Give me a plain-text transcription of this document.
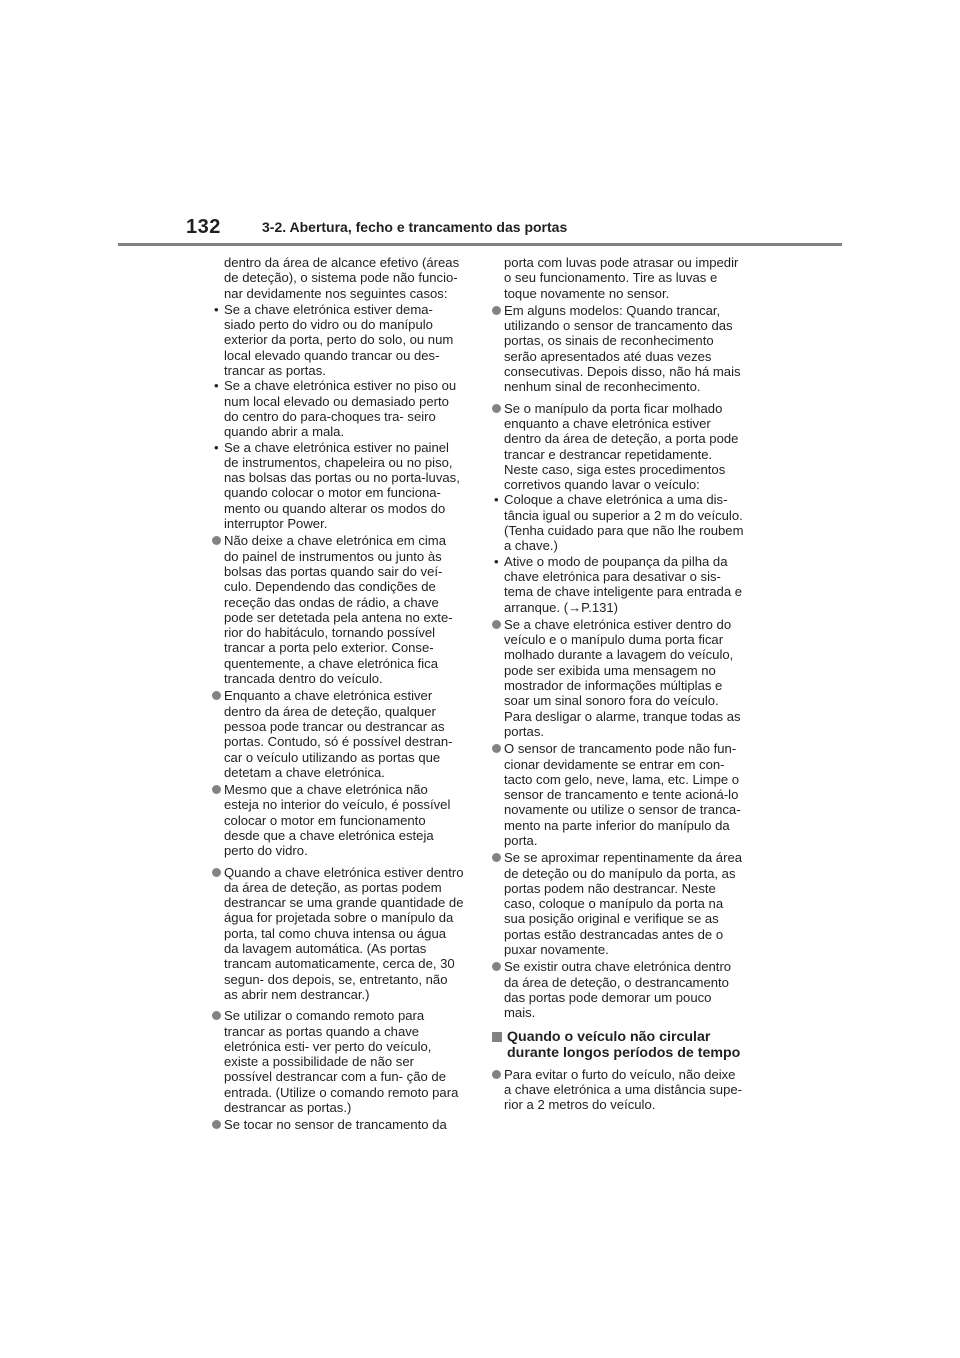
132	3-2. Abertura, fecho e trancamento das portas

dentro da área de alcance efetivo (áreas de deteção), o sistema pode não funcio- nar devidamente nos seguintes casos:

• Se a chave eletrónica estiver dema- siado perto do vidro ou do manípulo exterior da porta, perto do solo, ou num local elevado quando trancar ou des- trancar as portas.

• Se a chave eletrónica estiver no piso ou num local elevado ou demasiado perto do centro do para-choques tra- seiro quando abrir a mala.

• Se a chave eletrónica estiver no painel de instrumentos, chapeleira ou no piso, nas bolsas das portas ou no porta-luvas, quando colocar o motor em funciona- mento ou quando alterar os modos do interruptor Power.

Não deixe a chave eletrónica em cima do painel de instrumentos ou junto às bolsas das portas quando sair do veí- culo. Dependendo das condições de receção das ondas de rádio, a chave pode ser detetada pela antena no exte- rior do habitáculo, tornando possível trancar a porta pelo exterior. Conse- quentemente, a chave eletrónica fica trancada dentro do veículo.
Enquanto a chave eletrónica estiver dentro da área de deteção, qualquer pessoa pode trancar ou destrancar as portas. Contudo, só é possível destran- car o veículo utilizando as portas que detetam a chave eletrónica.
Mesmo que a chave eletrónica não esteja no interior do veículo, é possível colocar o motor em funcionamento desde que a chave eletrónica esteja perto do vidro.
Quando a chave eletrónica estiver dentro da área de deteção, as portas podem destrancar se uma grande quantidade de água for projetada sobre o manípulo da porta, tal como chuva intensa ou água da lavagem automática. (As portas trancam automaticamente, cerca de, 30 segun- dos depois, se, entretanto, não as abrir nem destrancar.)
Se utilizar o comando remoto para trancar as portas quando a chave eletrónica esti- ver perto do veículo, existe a possibilidade de não ser possível destrancar com a fun- ção de entrada. (Utilize o comando remoto para destrancar as portas.)
Se tocar no sensor de trancamento da

porta com luvas pode atrasar ou impedir o seu funcionamento. Tire as luvas e toque novamente no sensor.

Em alguns modelos: Quando trancar, utilizando o sensor de trancamento das portas, os sinais de reconhecimento serão apresentados até duas vezes consecutivas. Depois disso, não há mais nenhum sinal de reconhecimento.
Se o manípulo da porta ficar molhado enquanto a chave eletrónica estiver dentro da área de deteção, a porta pode trancar e destrancar repetidamente. Neste caso, siga estes procedimentos corretivos quando lavar o veículo:

• Coloque a chave eletrónica a uma dis- tância igual ou superior a 2 m do veículo. (Tenha cuidado para que não lhe roubem a chave.)

• Ative o modo de poupança da pilha da chave eletrónica para desativar o sis- tema de chave inteligente para entrada e arranque. (→P.131)

Se a chave eletrónica estiver dentro do veículo e o manípulo duma porta ficar molhado durante a lavagem do veículo, pode ser exibida uma mensagem no mostrador de informações múltiplas e soar um sinal sonoro fora do veículo. Para desligar o alarme, tranque todas as portas.
O sensor de trancamento pode não fun- cionar devidamente se entrar em con- tacto com gelo, neve, lama, etc. Limpe o sensor de trancamento e tente acioná-lo novamente ou utilize o sensor de tranca- mento na parte inferior do manípulo da porta.
Se se aproximar repentinamente da área de deteção ou do manípulo da porta, as portas podem não destrancar. Neste caso, coloque o manípulo da porta na sua posição original e verifique se as portas estão destrancadas antes de o puxar novamente.
Se existir outra chave eletrónica dentro da área de deteção, o destrancamento das portas pode demorar um pouco mais.
Quando o veículo não circular durante longos períodos de tempo
Para evitar o furto do veículo, não deixe a chave eletrónica a uma distância supe- rior a 2 metros do veículo.
